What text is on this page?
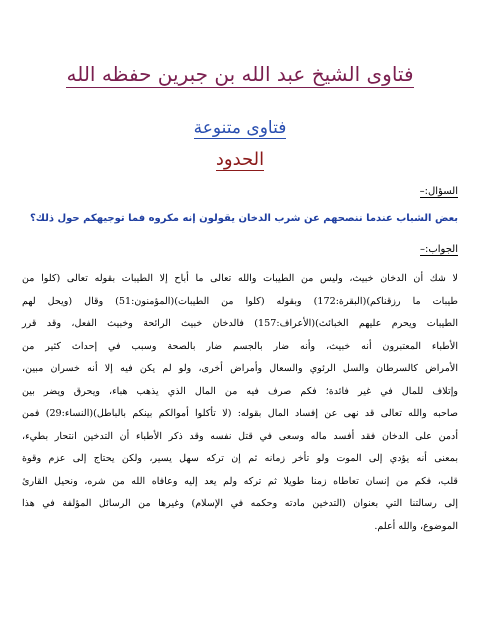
فتاوى الشيخ عبد الله بن جبرين حفظه الله
فتاوى متنوعة
الحدود
السؤال:–
بعض الشباب عندما ننصحهم عن شرب الدخان يقولون إنه مكروه فما توجيهكم حول ذلك؟
الجواب:–
لا شك أن الدخان خبيث، وليس من الطيبات والله تعالى ما أباح إلا الطيبات بقوله تعالى (كلوا من
طيبات ما رزقناكم)(البقرة:172) وبقوله (كلوا من الطيبات)(المؤمنون:51) وقال (ويحل لهم
الطيبات ويحرم عليهم الخبائث)(الأعراف:157) فالدخان خبيث الرائحة وخبيث الفعل، وقد قرر
الأطباء المعتبرون أنه خبيث، وأنه ضار بالجسم ضار بالصحة وسبب في إحداث كثير من
الأمراض كالسرطان والسل الرئوي والسعال وأمراض أخرى، ولو لم يكن فيه إلا أنه خسران مبين،
وإتلاف للمال في غير فائدة؛ فكم صرف فيه من المال الذي يذهب هباء، ويحرق ويضر بين
صاحبه والله تعالى قد نهى عن إفساد المال بقوله: (لا تأكلوا أموالكم بينكم بالباطل)(النساء:29) فمن
أدمن على الدخان فقد أفسد ماله وسعى في قتل نفسه وقد ذكر الأطباء أن التدخين انتحار بطيء،
بمعنى أنه يؤدي إلى الموت ولو تأخر زمانه ثم إن تركه سهل يسير، ولكن يحتاج إلى عزم وقوة
قلب، فكم من إنسان تعاطاه زمنا طويلا ثم تركه ولم يعد إليه وعافاه الله من شره، ونحيل القارئ
إلى رسالتنا التي بعنوان (التدخين مادته وحكمه في الإسلام) وغيرها من الرسائل المؤلفة في هذا
الموضوع، والله أعلم.
